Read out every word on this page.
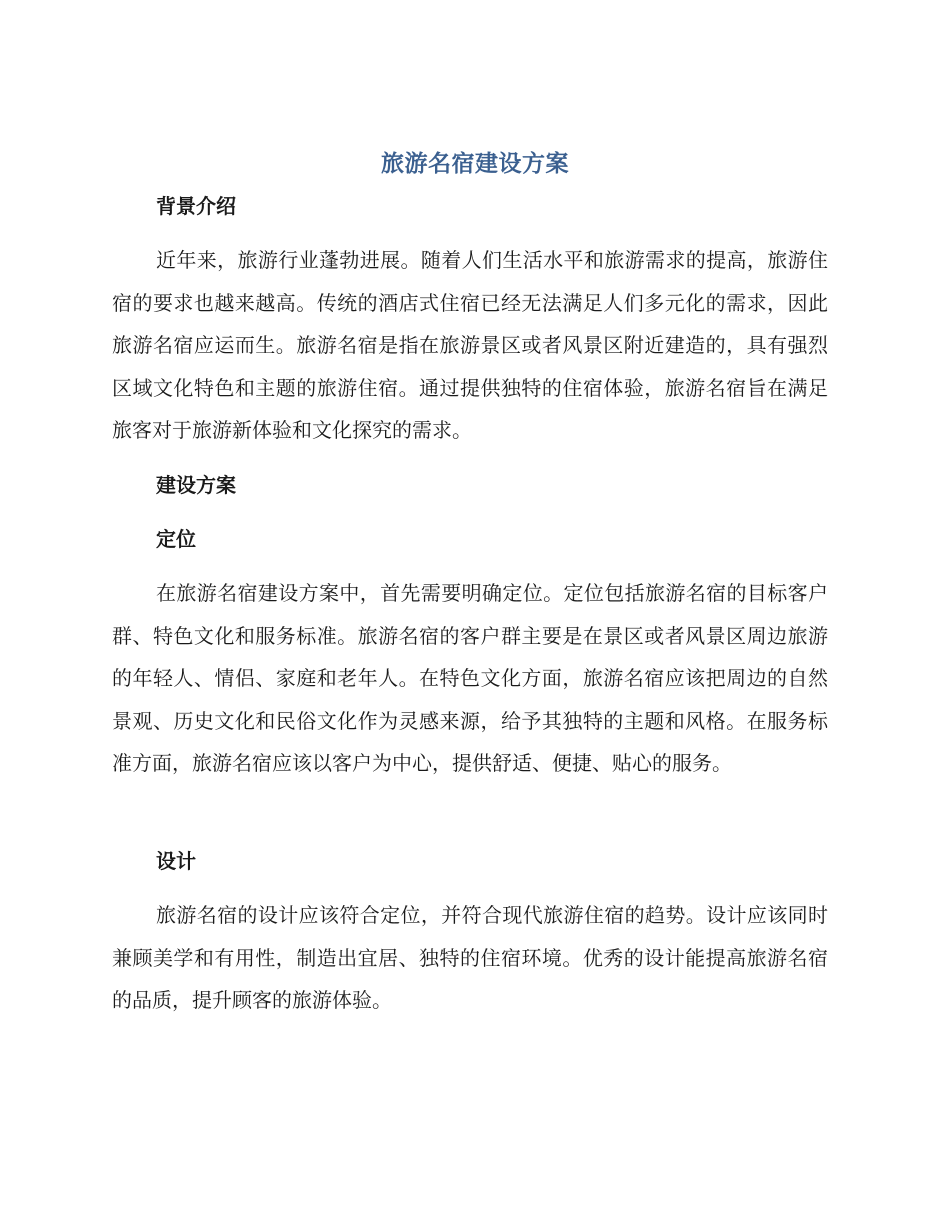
旅游名宿建设方案
背景介绍

近年来，旅游行业蓬勃进展。随着人们生活水平和旅游需求的提高，旅游住宿的要求也越来越高。传统的酒店式住宿已经无法满足人们多元化的需求，因此旅游名宿应运而生。旅游名宿是指在旅游景区或者风景区附近建造的，具有强烈区域文化特色和主题的旅游住宿。通过提供独特的住宿体验，旅游名宿旨在满足旅客对于旅游新体验和文化探究的需求。

建设方案
定位

在旅游名宿建设方案中，首先需要明确定位。定位包括旅游名宿的目标客户群、特色文化和服务标准。旅游名宿的客户群主要是在景区或者风景区周边旅游的年轻人、情侣、家庭和老年人。在特色文化方面，旅游名宿应该把周边的自然景观、历史文化和民俗文化作为灵感来源，给予其独特的主题和风格。在服务标准方面，旅游名宿应该以客户为中心，提供舒适、便捷、贴心的服务。

设计

旅游名宿的设计应该符合定位，并符合现代旅游住宿的趋势。设计应该同时兼顾美学和有用性，制造出宜居、独特的住宿环境。优秀的设计能提高旅游名宿的品质，提升顾客的旅游体验。
